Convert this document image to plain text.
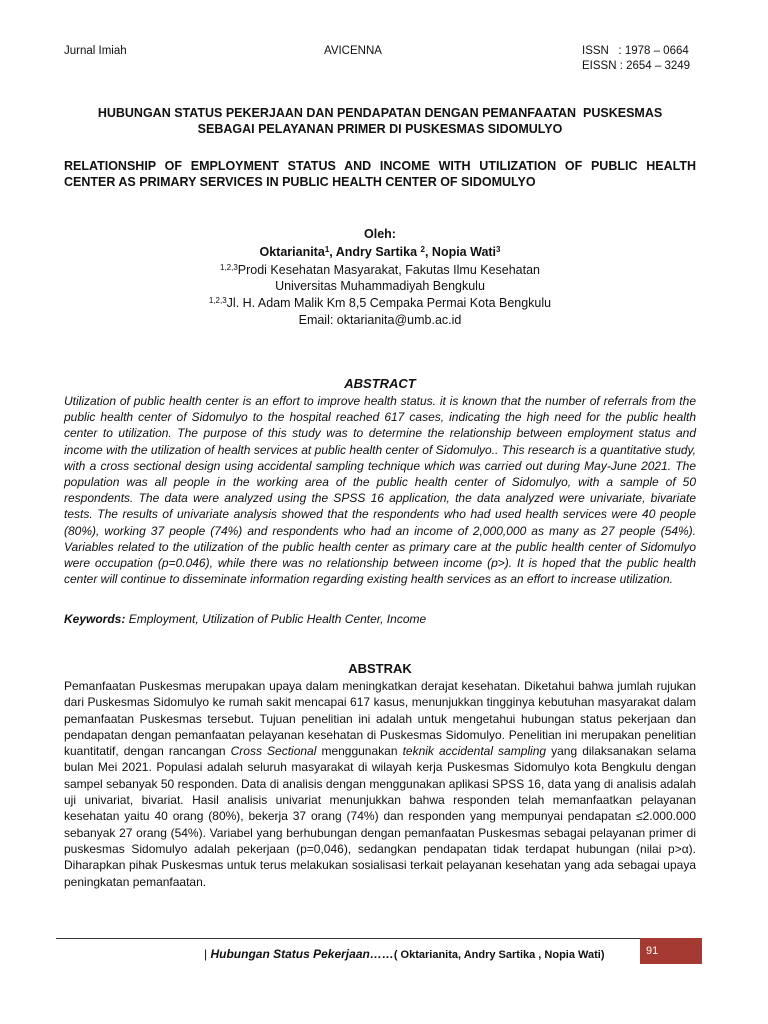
Jurnal Imiah	AVICENNA	ISSN   : 1978 – 0664
EISSN : 2654 – 3249
HUBUNGAN STATUS PEKERJAAN DAN PENDAPATAN DENGAN PEMANFAATAN  PUSKESMAS
SEBAGAI PELAYANAN PRIMER DI PUSKESMAS SIDOMULYO
RELATIONSHIP OF EMPLOYMENT STATUS AND INCOME WITH UTILIZATION OF PUBLIC HEALTH CENTER AS PRIMARY SERVICES IN PUBLIC HEALTH CENTER OF SIDOMULYO
Oleh:
Oktarianita$^1$, Andry Sartika $^2$, Nopia Wati$^3$
$^{1,2,3}$Prodi Kesehatan Masyarakat, Fakutas Ilmu Kesehatan
Universitas Muhammadiyah Bengkulu
$^{1,2,3}$Jl. H. Adam Malik Km 8,5 Cempaka Permai Kota Bengkulu
Email: oktarianita@umb.ac.id
ABSTRACT
Utilization of public health center is an effort to improve health status. it is known that the number of referrals from the public health center of Sidomulyo to the hospital reached 617 cases, indicating the high need for the public health center to utilization. The purpose of this study was to determine the relationship between employment status and income with the utilization of health services at public health center of Sidomulyo.. This research is a quantitative study, with a cross sectional design using accidental sampling technique which was carried out during May-June 2021. The population was all people in the working area of the public health center of Sidomulyo, with a sample of 50 respondents. The data were analyzed using the SPSS 16 application, the data analyzed were univariate, bivariate tests. The results of univariate analysis showed that the respondents who had used health services were 40 people (80%), working 37 people (74%) and respondents who had an income of 2,000,000 as many as 27 people (54%). Variables related to the utilization of the public health center as primary care at the public health center of Sidomulyo were occupation (p=0.046), while there was no relationship between income (p>). It is hoped that the public health center will continue to disseminate information regarding existing health services as an effort to increase utilization.
Keywords: Employment, Utilization of Public Health Center, Income
ABSTRAK
Pemanfaatan Puskesmas merupakan upaya dalam meningkatkan derajat kesehatan. Diketahui bahwa jumlah rujukan dari Puskesmas Sidomulyo ke rumah sakit mencapai 617 kasus, menunjukkan tingginya kebutuhan masyarakat dalam pemanfaatan Puskesmas tersebut. Tujuan penelitian ini adalah untuk mengetahui hubungan status pekerjaan dan pendapatan dengan pemanfaatan pelayanan kesehatan di Puskesmas Sidomulyo. Penelitian ini merupakan penelitian kuantitatif, dengan rancangan Cross Sectional menggunakan teknik accidental sampling yang dilaksanakan selama bulan Mei 2021. Populasi adalah seluruh masyarakat di wilayah kerja Puskesmas Sidomulyo kota Bengkulu dengan sampel sebanyak 50 responden. Data di analisis dengan menggunakan aplikasi SPSS 16, data yang di analisis adalah uji univariat, bivariat. Hasil analisis univariat menunjukkan bahwa responden telah memanfaatkan pelayanan kesehatan yaitu 40 orang (80%), bekerja 37 orang (74%) dan responden yang mempunyai pendapatan ≤2.000.000 sebanyak 27 orang (54%). Variabel yang berhubungan dengan pemanfaatan Puskesmas sebagai pelayanan primer di puskesmas Sidomulyo adalah pekerjaan (p=0,046), sedangkan pendapatan tidak terdapat hubungan (nilai p>α). Diharapkan pihak Puskesmas untuk terus melakukan sosialisasi terkait pelayanan kesehatan yang ada sebagai upaya peningkatan pemanfaatan.
| Hubungan Status Pekerjaan……( Oktarianita, Andry Sartika , Nopia Wati)	91
